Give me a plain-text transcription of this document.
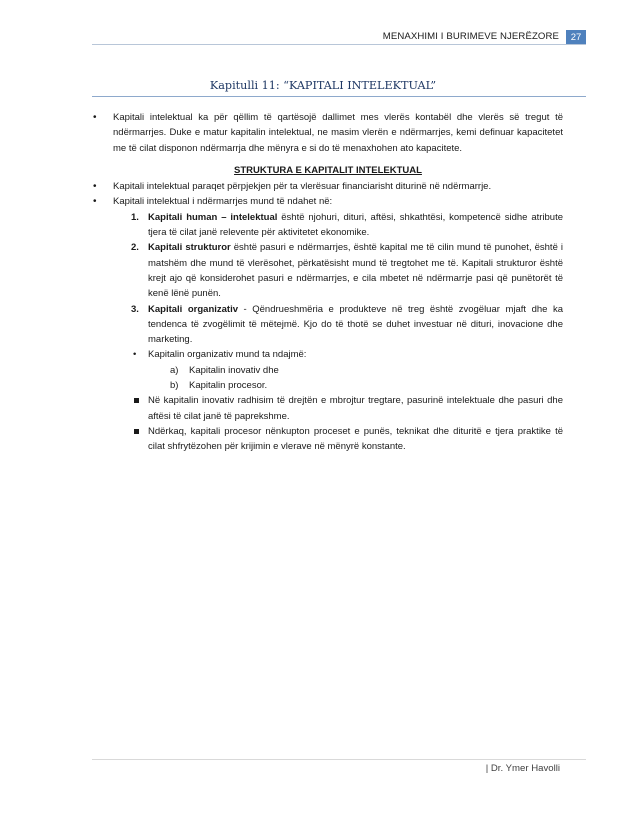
MENAXHIMI I BURIMEVE NJERËZORE	27
Kapitulli 11: “KAPITALI INTELEKTUAL”
• Kapitali intelektual ka për qëllim të qartësojë dallimet mes vlerës kontabël dhe vlerës së tregut të ndërmarrjes. Duke e matur kapitalin intelektual, ne masim vlerën e ndërmarrjes, kemi definuar kapacitetet me të cilat disponon ndërmarrja dhe mënyra e si do të menaxhohen ato kapacitete.
STRUKTURA E KAPITALIT INTELEKTUAL
• Kapitali intelektual paraqet përpjekjen për ta vlerësuar financiarisht diturinë në ndërmarrje.
• Kapitali intelektual i ndërmarrjes mund të ndahet në:
1. Kapitali human – intelektual është njohuri, dituri, aftësi, shkathtësi, kompetencë sidhe atribute tjera të cilat janë relevente për aktivitetet ekonomike.
2. Kapitali strukturor është pasuri e ndërmarrjes, është kapital me të cilin mund të punohet, është i matshëm dhe mund të vlerësohet, përkatësisht mund të tregtohet me të. Kapitali strukturor është krejt ajo që konsiderohet pasuri e ndërmarrjes, e cila mbetet në ndërmarrje pasi që punëtorët të kenë lënë punën.
3. Kapitali organizativ - Qëndrueshmëria e produkteve në treg është zvogëluar mjaft dhe ka tendenca të zvogëlimit të mëtejmë. Kjo do të thotë se duhet investuar në dituri, inovacione dhe marketing.
• Kapitalin organizativ mund ta ndajmë:
a) Kapitalin inovativ dhe
b) Kapitalin procesor.
Në kapitalin inovativ radhisim të drejtën e mbrojtur tregtare, pasurinë intelektuale dhe pasuri dhe aftësi të cilat janë të paprekshme.
Ndërkaq, kapitali procesor nënkupton proceset e punës, teknikat dhe dituritë e tjera praktike të cilat shfrytëzohen për krijimin e vlerave në mënyrë konstante.
| Dr. Ymer Havolli
